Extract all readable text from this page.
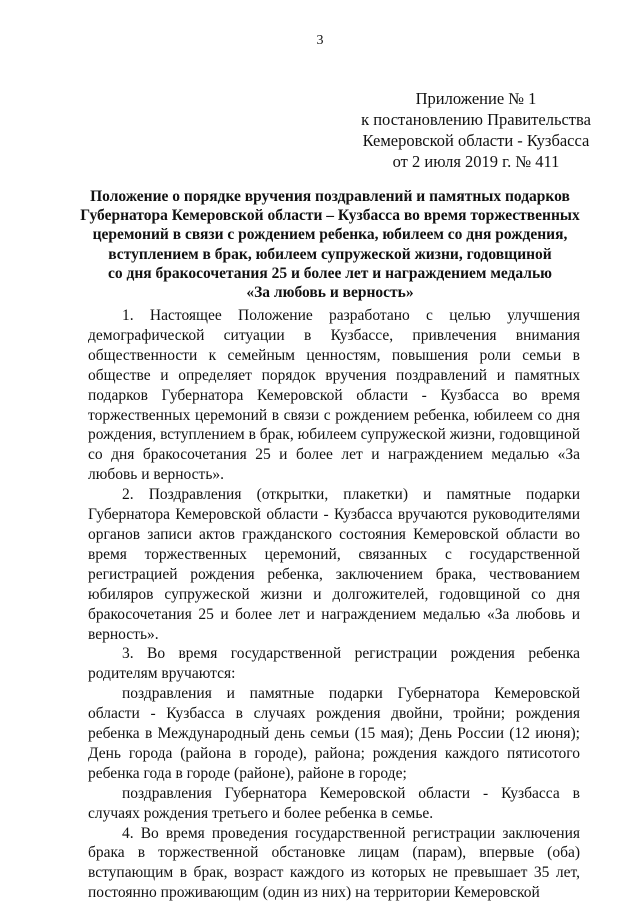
3
Приложение № 1
к постановлению Правительства
Кемеровской области - Кузбасса
от 2 июля 2019 г. № 411
Положение о порядке вручения поздравлений и памятных подарков
Губернатора Кемеровской области – Кузбасса во время торжественных
церемоний в связи с рождением ребенка, юбилеем со дня рождения,
вступлением в брак, юбилеем супружеской жизни, годовщиной
со дня бракосочетания 25 и более лет и награждением медалью
«За любовь и верность»

1. Настоящее Положение разработано с целью улучшения демографической ситуации в Кузбассе, привлечения внимания общественности к семейным ценностям, повышения роли семьи в обществе и определяет порядок вручения поздравлений и памятных подарков Губернатора Кемеровской области - Кузбасса во время торжественных церемоний в связи с рождением ребенка, юбилеем со дня рождения, вступлением в брак, юбилеем супружеской жизни, годовщиной со дня бракосочетания 25 и более лет и награждением медалью «За любовь и верность».

2. Поздравления (открытки, плакетки) и памятные подарки Губернатора Кемеровской области - Кузбасса вручаются руководителями органов записи актов гражданского состояния Кемеровской области во время торжественных церемоний, связанных с государственной регистрацией рождения ребенка, заключением брака, чествованием юбиляров супружеской жизни и долгожителей, годовщиной со дня бракосочетания 25 и более лет и награждением медалью «За любовь и верность».

3. Во время государственной регистрации рождения ребенка родителям вручаются:

поздравления и памятные подарки Губернатора Кемеровской области - Кузбасса в случаях рождения двойни, тройни; рождения ребенка в Международный день семьи (15 мая); День России (12 июня); День города (района в городе), района; рождения каждого пятисотого ребенка года в городе (районе), районе в городе;

поздравления Губернатора Кемеровской области - Кузбасса в случаях рождения третьего и более ребенка в семье.

4. Во время проведения государственной регистрации заключения брака в торжественной обстановке лицам (парам), впервые (оба) вступающим в брак, возраст каждого из которых не превышает 35 лет, постоянно проживающим (один из них) на территории Кемеровской
